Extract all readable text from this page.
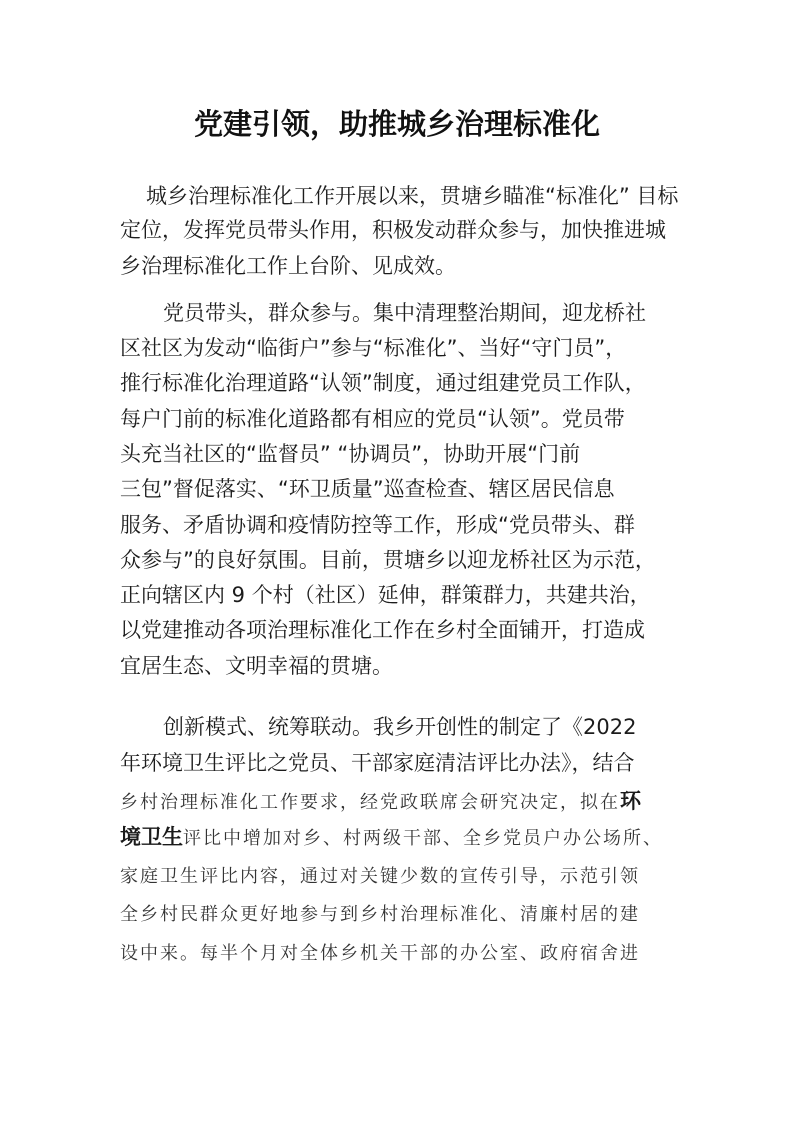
党建引领，助推城乡治理标准化
城乡治理标准化工作开展以来，贯塘乡瞄准“标准化” 目标
定位，发挥党员带头作用，积极发动群众参与，加快推进城
乡治理标准化工作上台阶、见成效。
党员带头，群众参与。集中清理整治期间，迎龙桥社
区社区为发动“临街户”参与“标准化”、当好“守门员”，
推行标准化治理道路“认领”制度，通过组建党员工作队，
每户门前的标准化道路都有相应的党员“认领”。党员带
头充当社区的“监督员” “协调员”，协助开展“门前
三包”督促落实、“环卫质量”巡查检查、辖区居民信息
服务、矛盾协调和疫情防控等工作，形成“党员带头、群
众参与”的良好氛围。目前，贯塘乡以迎龙桥社区为示范，
正向辖区内 9 个村（社区）延伸，群策群力，共建共治，
以党建推动各项治理标准化工作在乡村全面铺开，打造成
宜居生态、文明幸福的贯塘。
创新模式、统筹联动。我乡开创性的制定了《2022
年环境卫生评比之党员、干部家庭清洁评比办法》，结合
乡村治理标准化工作要求，经党政联席会研究决定，拟在环
境卫生评比中增加对乡、村两级干部、全乡党员户办公场所、
家庭卫生评比内容，通过对关键少数的宣传引导，示范引领
全乡村民群众更好地参与到乡村治理标准化、清廉村居的建
设中来。每半个月对全体乡机关干部的办公室、政府宿舍进
